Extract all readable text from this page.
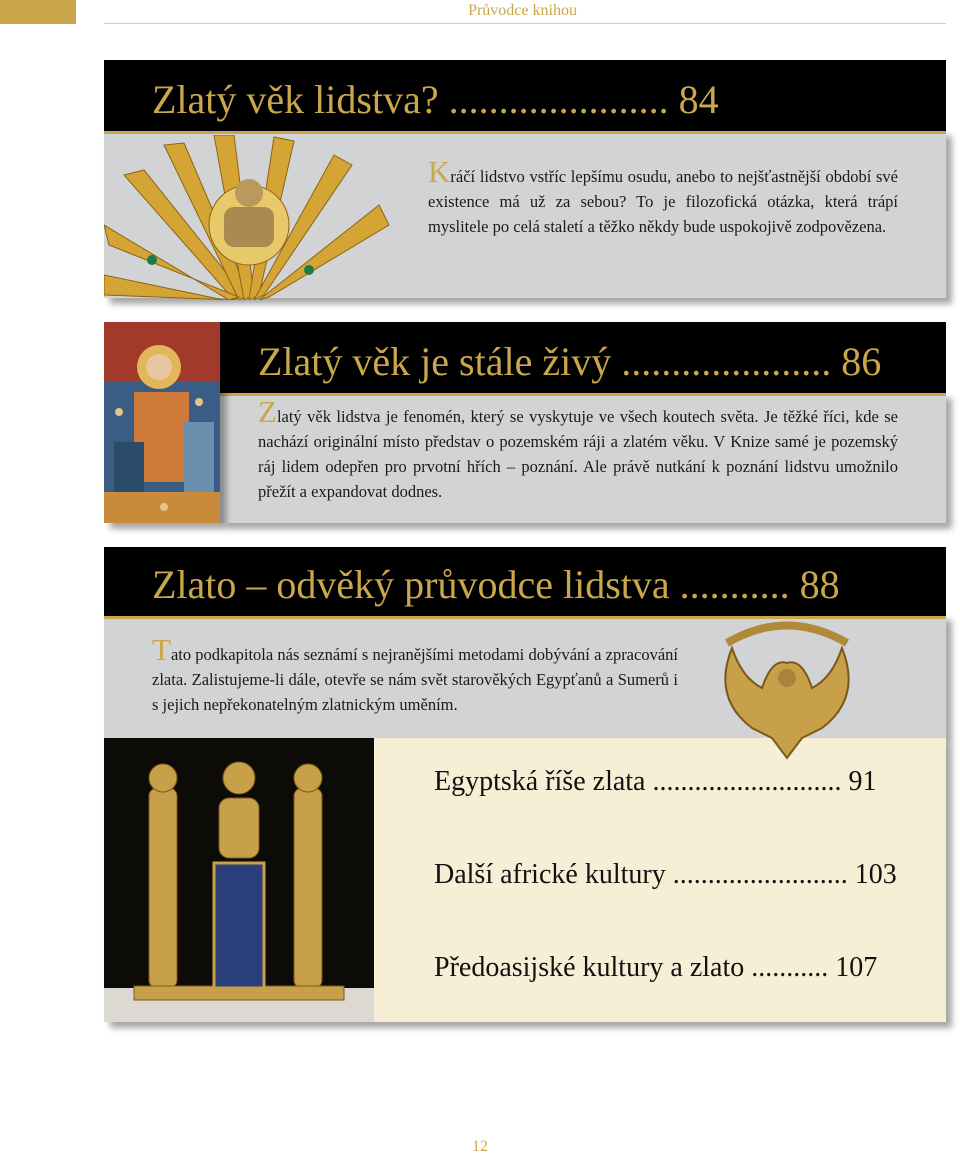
Průvodce knihou
Zlatý věk lidstva? ...................... 84
Kráčí lidstvo vstříc lepšímu osudu, anebo to nejšťastnější období své existence má už za sebou? To je filozofická otázka, která trápí myslitele po celá staletí a těžko někdy bude uspokojivě zodpovězena.
Zlatý věk je stále živý ..................... 86
Zlatý věk lidstva je fenomén, který se vyskytuje ve všech koutech světa. Je těžké říci, kde se nachází originální místo představ o pozemském ráji a zlatém věku. V Knize samé je pozemský ráj lidem odepřen pro prvotní hřích – poznání. Ale právě nutkání k poznání lidstvu umožnilo přežít a expandovat dodnes.
Zlato – odvěký průvodce lidstva ........... 88
Tato podkapitola nás seznámí s nejranějšími metodami dobývání a zpracování zlata. Zalistujeme-li dále, otevře se nám svět starověkých Egypťanů a Sumerů i s jejich nepřekonatelným zlatnickým uměním.
Egyptská říše zlata ........................... 91
Další africké kultury ......................... 103
Předoasijské kultury a zlato ........... 107
12
